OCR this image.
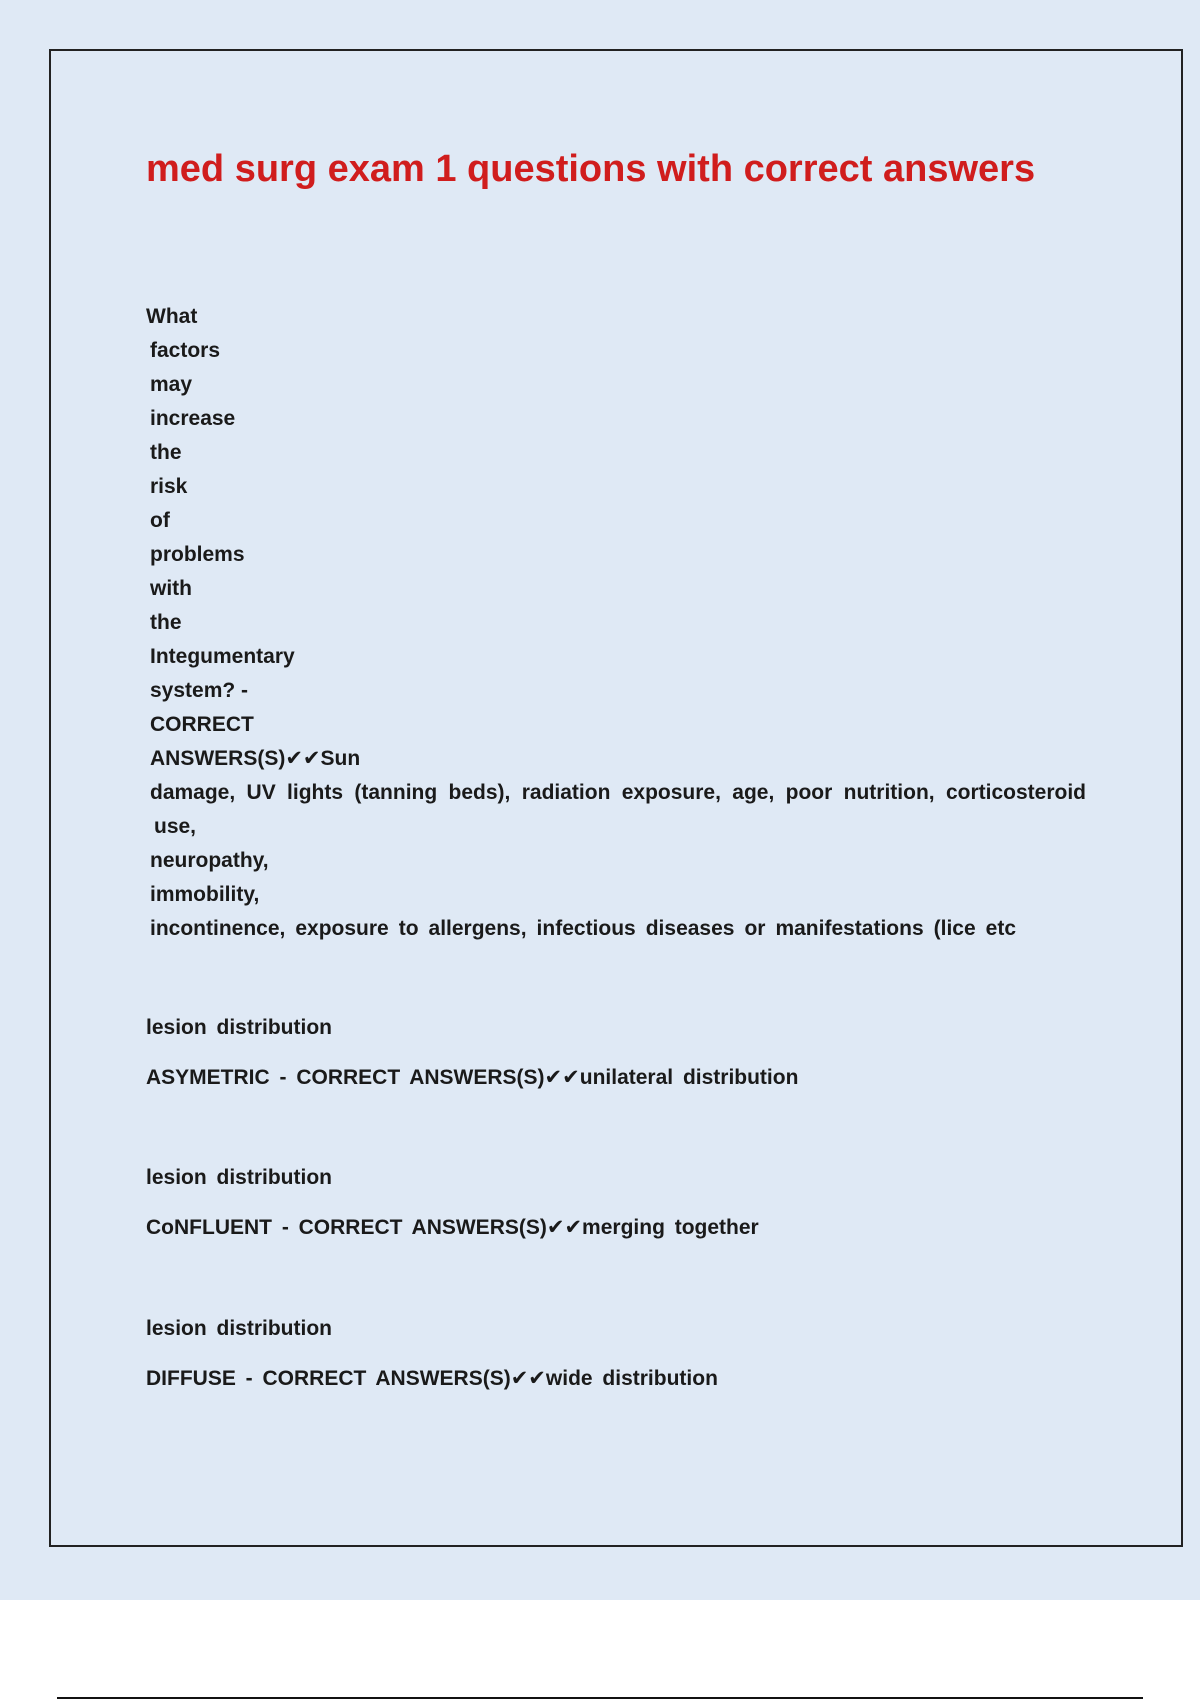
med surg exam 1 questions with correct answers
What
factors
may
increase
the
risk
of
problems
with
the
Integumentary
system? -
CORRECT
ANSWERS(S)✔✔Sun
damage, UV lights (tanning beds), radiation exposure, age, poor nutrition, corticosteroid
use,
neuropathy,
immobility,
incontinence, exposure to allergens, infectious diseases or manifestations (lice etc
lesion distribution
ASYMETRIC - CORRECT ANSWERS(S)✔✔unilateral distribution
lesion distribution
CoNFLUENT - CORRECT ANSWERS(S)✔✔merging together
lesion distribution
DIFFUSE - CORRECT ANSWERS(S)✔✔wide distribution
